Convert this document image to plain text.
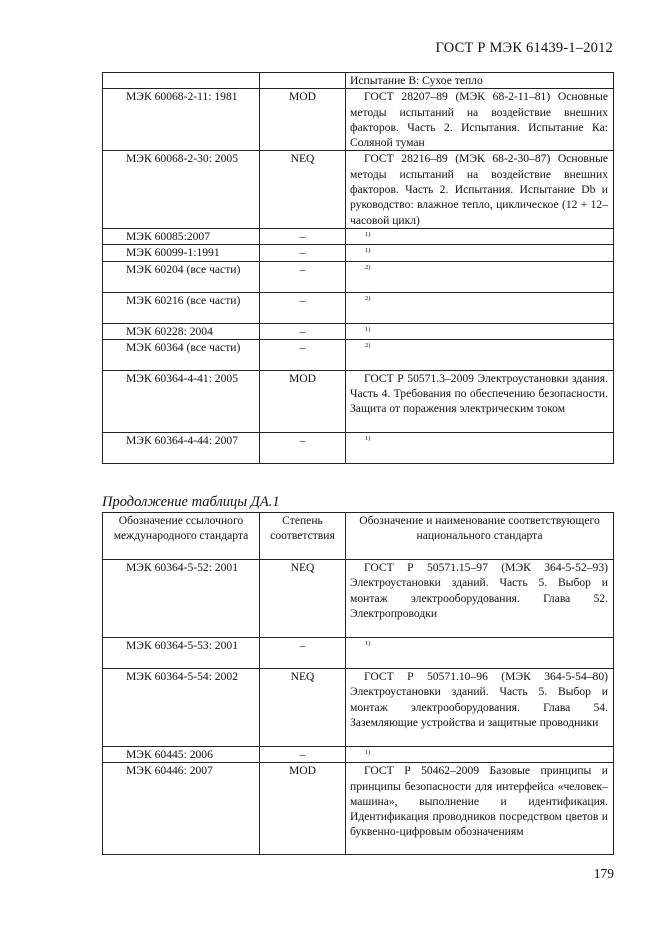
ГОСТ Р МЭК 61439-1–2012
		Испытание В: Сухое тепло
МЭК 60068-2-11: 1981	MOD	ГОСТ 28207–89 (МЭК 68-2-11–81) Основные методы испытаний на воздействие внешних факторов. Часть 2. Испытания. Испытание Ка: Соляной туман
МЭК 60068-2-30: 2005	NEQ	ГОСТ 28216–89 (МЭК 68-2-30–87) Основные методы испытаний на воздействие внешних факторов. Часть 2. Испытания. Испытание Db и руководство: влажное тепло, циклическое (12 + 12–часовой цикл)
МЭК 60085:2007	–	$^{1)}$
МЭК 60099-1:1991	–	$^{1)}$
МЭК 60204 (все части)	–	$^{2)}$
МЭК 60216 (все части)	–	$^{2)}$
МЭК 60228: 2004	–	$^{1)}$
МЭК 60364 (все части)	–	$^{2)}$
МЭК 60364-4-41: 2005	MOD	ГОСТ Р 50571.3–2009 Электроустановки здания. Часть 4. Требования по обеспечению безопасности. Защита от поражения электрическим током
МЭК 60364-4-44: 2007	–	$^{1)}$
Продолжение таблицы ДА.1
Обозначение ссылочного международного стандарта	Степень соответствия	Обозначение и наименование соответствующего национального стандарта
МЭК 60364-5-52: 2001	NEQ	ГОСТ Р 50571.15–97 (МЭК 364-5-52–93) Электроустановки зданий. Часть 5. Выбор и монтаж электрооборудования. Глава 52. Электропроводки
МЭК 60364-5-53: 2001	–	$^{1)}$
МЭК 60364-5-54: 2002	NEQ	ГОСТ Р 50571.10–96 (МЭК 364-5-54–80) Электроустановки зданий. Часть 5. Выбор и монтаж электрооборудования. Глава 54. Заземляющие устройства и защитные проводники
МЭК 60445: 2006	–	$^{1)}$
МЭК 60446: 2007	MOD	ГОСТ Р 50462–2009 Базовые принципы и принципы безопасности для интерфейса «человек–машина», выполнение и идентификация. Идентификация проводников посредством цветов и буквенно-цифровым обозначениям
179
